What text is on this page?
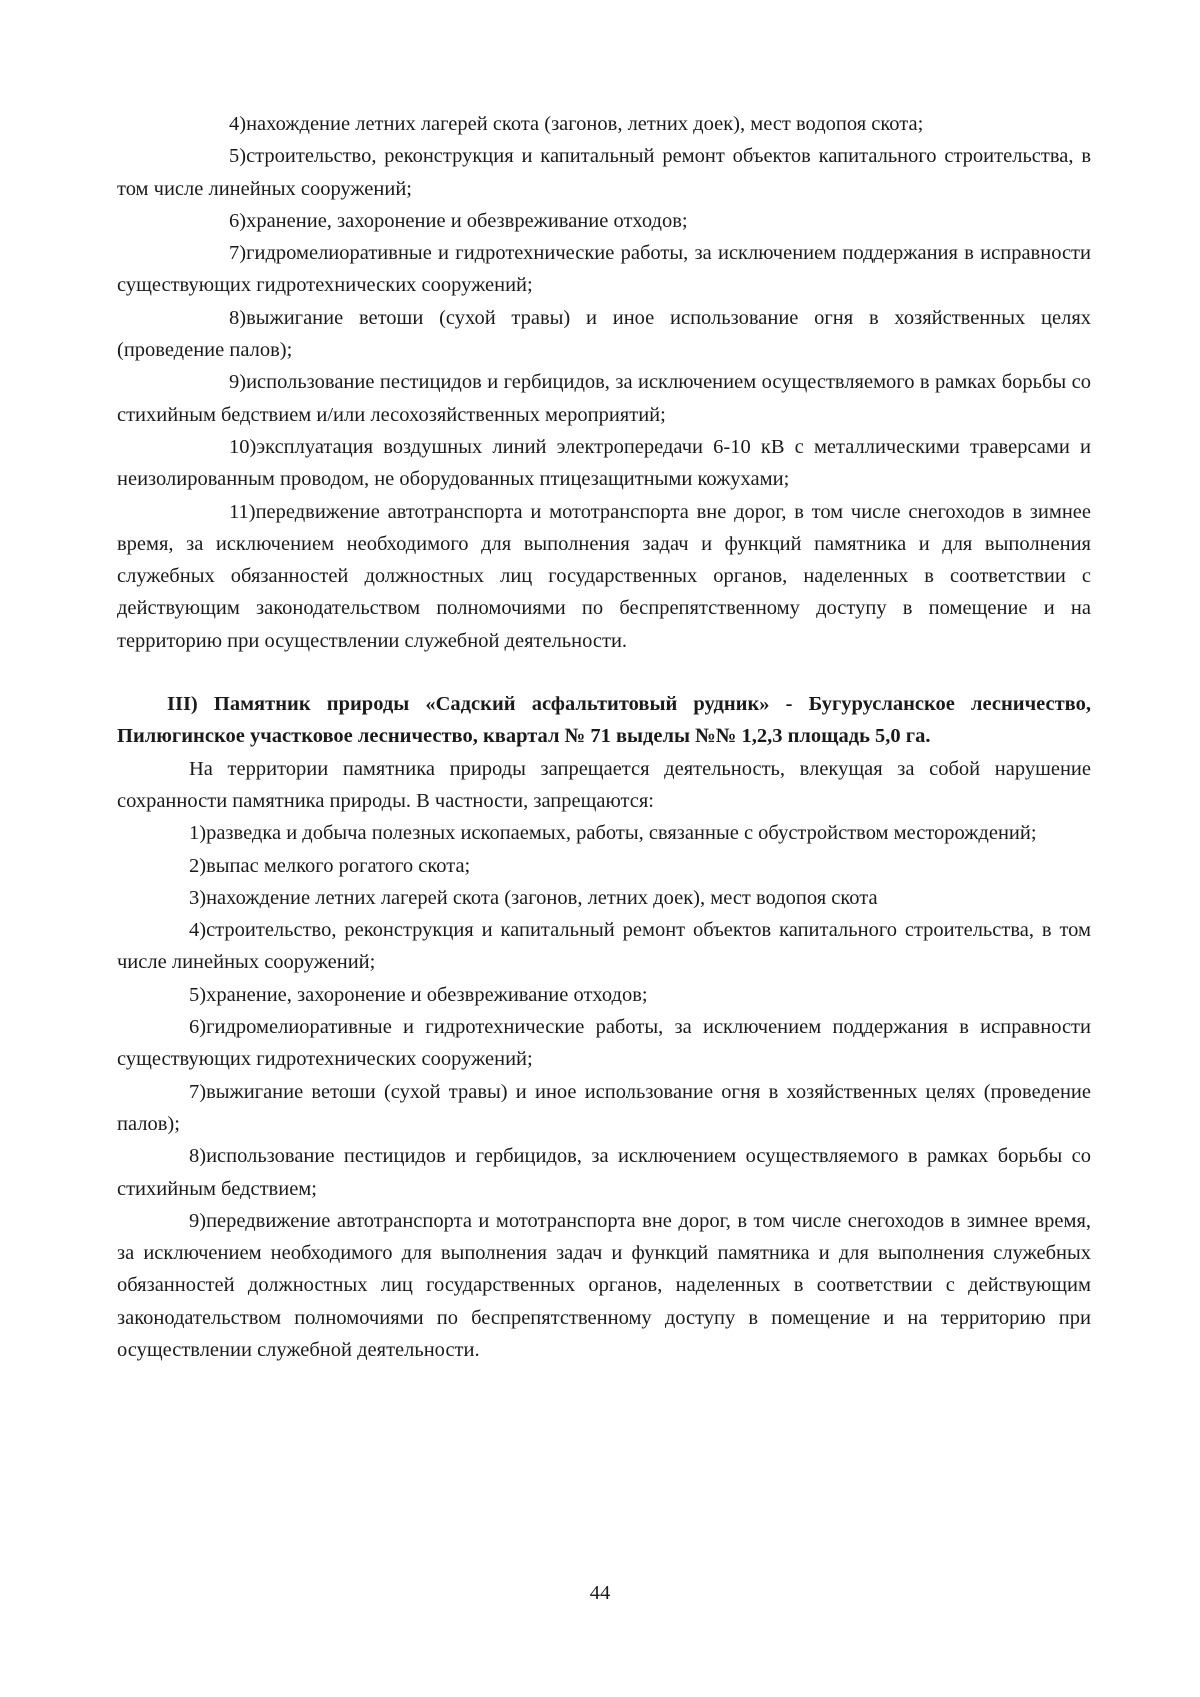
4)нахождение летних лагерей скота (загонов, летних доек), мест водопоя скота;

5)строительство, реконструкция и капитальный ремонт объектов капитального строительства, в том числе линейных сооружений;

6)хранение, захоронение и обезвреживание отходов;

7)гидромелиоративные и гидротехнические работы, за исключением поддержания в исправности существующих гидротехнических сооружений;

8)выжигание ветоши (сухой травы) и иное использование огня в хозяйственных целях (проведение палов);

9)использование пестицидов и гербицидов, за исключением осуществляемого в рамках борьбы со стихийным бедствием и/или лесохозяйственных мероприятий;

10)эксплуатация воздушных линий электропередачи 6-10 кВ с металлическими траверсами и неизолированным проводом, не оборудованных птицезащитными кожухами;

11)передвижение автотранспорта и мототранспорта вне дорог, в том числе снегоходов в зимнее время, за исключением необходимого для выполнения задач и функций памятника и для выполнения служебных обязанностей должностных лиц государственных органов, наделенных в соответствии с действующим законодательством полномочиями по беспрепятственному доступу в помещение и на территорию при осуществлении служебной деятельности.

III) Памятник природы «Садский асфальтитовый рудник» - Бугурусланское лесничество, Пилюгинское участковое лесничество, квартал № 71 выделы №№ 1,2,3 площадь 5,0 га.

На территории памятника природы запрещается деятельность, влекущая за собой нарушение сохранности памятника природы. В частности, запрещаются:

1)разведка и добыча полезных ископаемых, работы, связанные с обустройством месторождений;

2)выпас мелкого рогатого скота;

3)нахождение летних лагерей скота (загонов, летних доек), мест водопоя скота

4)строительство, реконструкция и капитальный ремонт объектов капитального строительства, в том числе линейных сооружений;

5)хранение, захоронение и обезвреживание отходов;

6)гидромелиоративные и гидротехнические работы, за исключением поддержания в исправности существующих гидротехнических сооружений;

7)выжигание ветоши (сухой травы) и иное использование огня в хозяйственных целях (проведение палов);

8)использование пестицидов и гербицидов, за исключением осуществляемого в рамках борьбы со стихийным бедствием;

9)передвижение автотранспорта и мототранспорта вне дорог, в том числе снегоходов в зимнее время, за исключением необходимого для выполнения задач и функций памятника и для выполнения служебных обязанностей должностных лиц государственных органов, наделенных в соответствии с действующим законодательством полномочиями по беспрепятственному доступу в помещение и на территорию при осуществлении служебной деятельности.

44
